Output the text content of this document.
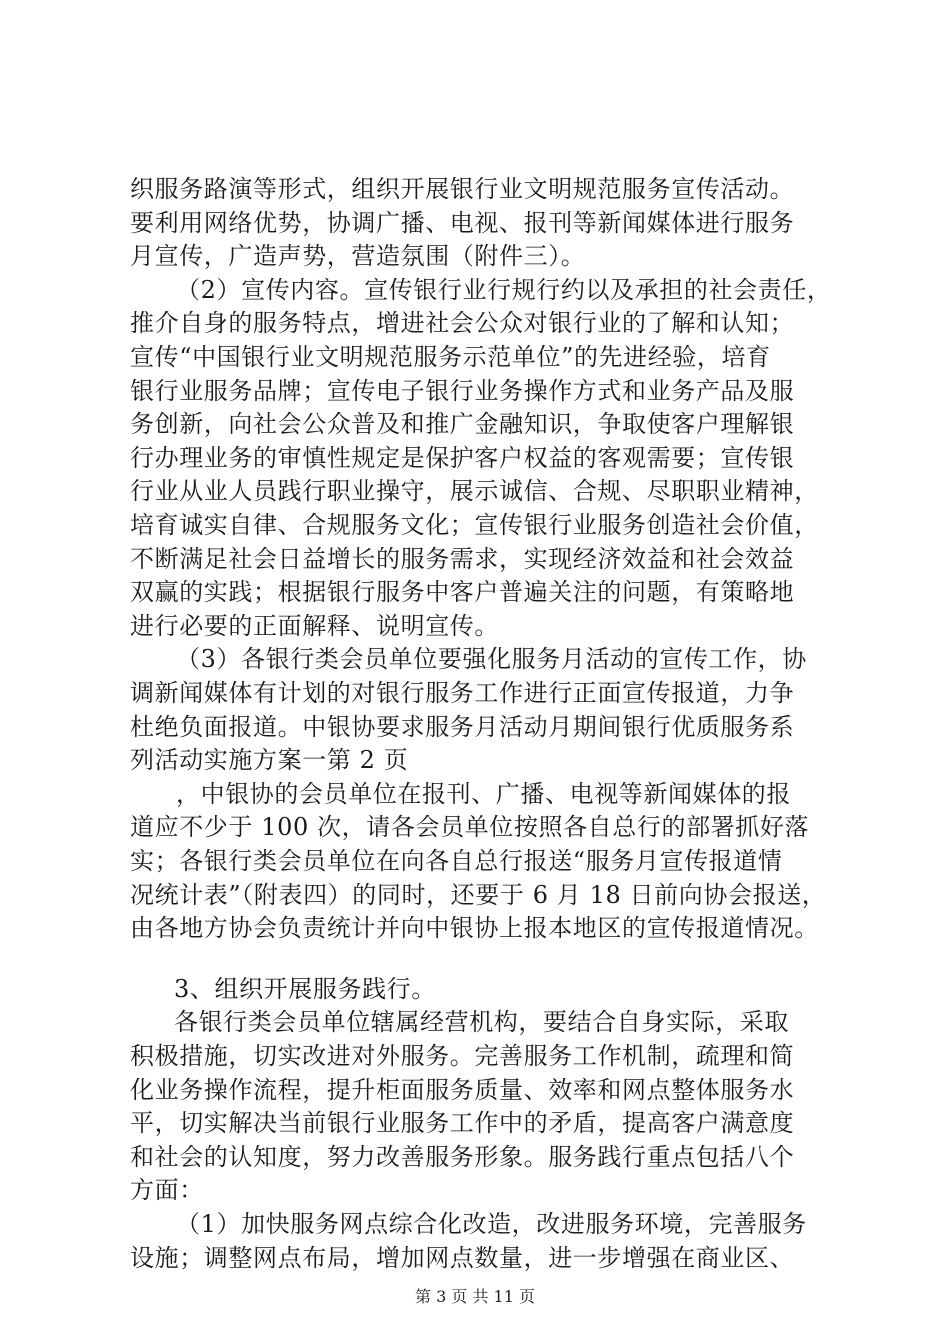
织服务路演等形式，组织开展银行业文明规范服务宣传活动。
要利用网络优势，协调广播、电视、报刊等新闻媒体进行服务
月宣传，广造声势，营造氛围（附件三）。
（2）宣传内容。宣传银行业行规行约以及承担的社会责任，
推介自身的服务特点，增进社会公众对银行业的了解和认知；
宣传“中国银行业文明规范服务示范单位”的先进经验，培育
银行业服务品牌；宣传电子银行业务操作方式和业务产品及服
务创新，向社会公众普及和推广金融知识，争取使客户理解银
行办理业务的审慎性规定是保护客户权益的客观需要；宣传银
行业从业人员践行职业操守，展示诚信、合规、尽职职业精神，
培育诚实自律、合规服务文化；宣传银行业服务创造社会价值，
不断满足社会日益增长的服务需求，实现经济效益和社会效益
双赢的实践；根据银行服务中客户普遍关注的问题，有策略地
进行必要的正面解释、说明宣传。
（3）各银行类会员单位要强化服务月活动的宣传工作，协
调新闻媒体有计划的对银行服务工作进行正面宣传报道，力争
杜绝负面报道。中银协要求服务月活动月期间银行优质服务系
列活动实施方案一第 2 页
，中银协的会员单位在报刊、广播、电视等新闻媒体的报
道应不少于 100 次，请各会员单位按照各自总行的部署抓好落
实；各银行类会员单位在向各自总行报送“服务月宣传报道情
况统计表”（附表四）的同时，还要于 6 月 18 日前向协会报送，
由各地方协会负责统计并向中银协上报本地区的宣传报道情况。
3、组织开展服务践行。
各银行类会员单位辖属经营机构，要结合自身实际，采取
积极措施，切实改进对外服务。完善服务工作机制，疏理和简
化业务操作流程，提升柜面服务质量、效率和网点整体服务水
平，切实解决当前银行业服务工作中的矛盾，提高客户满意度
和社会的认知度，努力改善服务形象。服务践行重点包括八个
方面：
（1）加快服务网点综合化改造，改进服务环境，完善服务
设施；调整网点布局，增加网点数量，进一步增强在商业区、
第 3 页 共 11 页
